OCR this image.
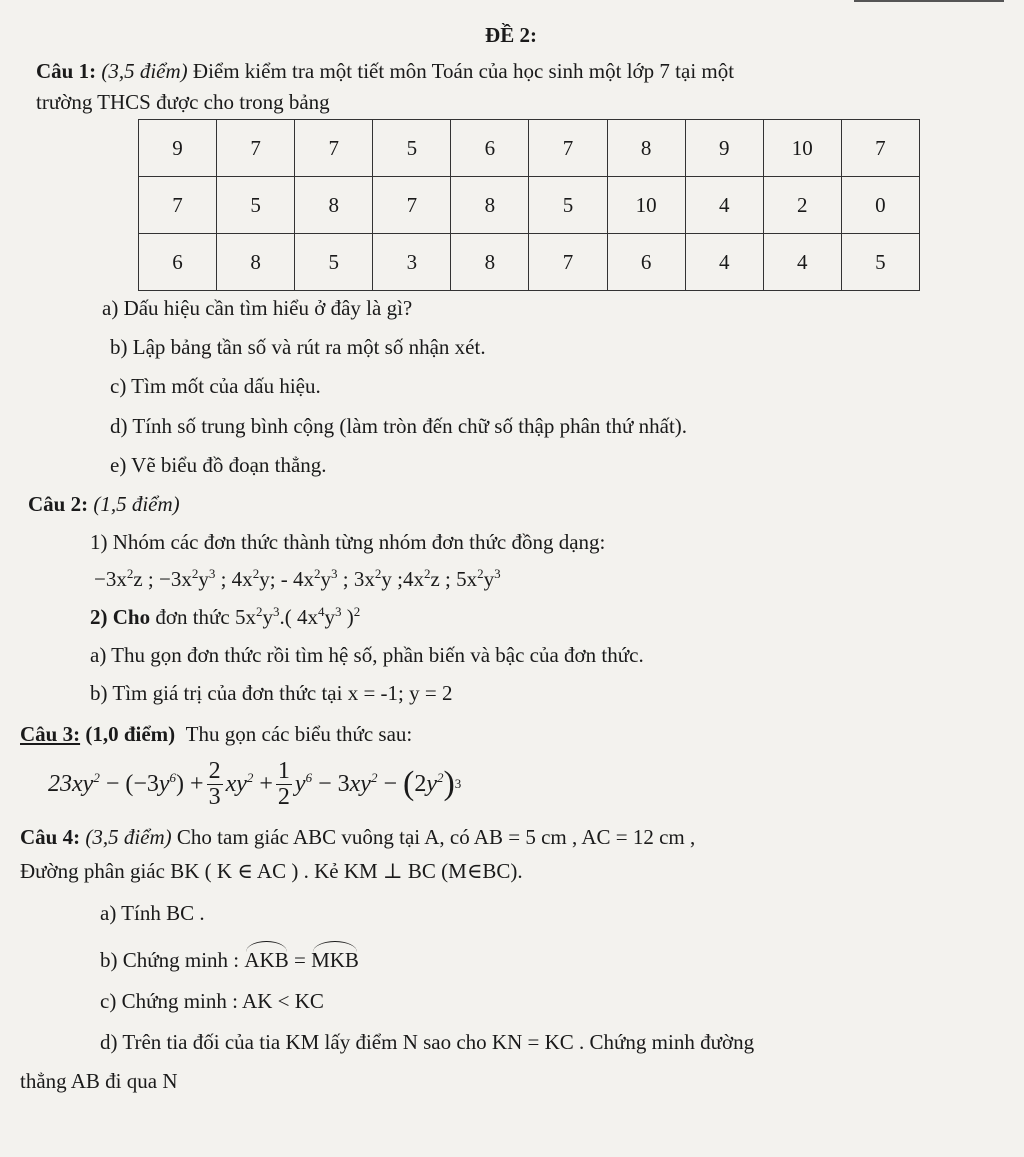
ĐỀ 2:
Câu 1: (3,5 điểm) Điểm kiểm tra một tiết môn Toán của học sinh một lớp 7 tại một
trường THCS được cho trong bảng
9	7	7	5	6	7	8	9	10	7
7	5	8	7	8	5	10	4	2	0
6	8	5	3	8	7	6	4	4	5
a) Dấu hiệu cần tìm hiểu ở đây là gì?
b) Lập bảng tần số và rút ra một số nhận xét.
c) Tìm mốt của dấu hiệu.
d) Tính số trung bình cộng (làm tròn đến chữ số thập phân thứ nhất).
e) Vẽ biểu đồ đoạn thẳng.
Câu 2: (1,5 điểm)
1) Nhóm các đơn thức thành từng nhóm đơn thức đồng dạng:
$-3x^2z$ ; $-3x^2y^3$ ; $4x^2y$; - $4x^2y^3$ ; $3x^2y$ $;4x^2z$ ; $5x^2y^3$
2) Cho đơn thức $5x^2y^3$.( $4x^4y^3$ )$^2$
a) Thu gọn đơn thức rồi tìm hệ số, phần biến và bậc của đơn thức.
b) Tìm giá trị của đơn thức tại x = -1; y = 2
Câu 3: (1,0 điểm) Thu gọn các biểu thức sau:
$23xy^2 - (-3$ $y^6$ ) + $\frac{2}{3} xy^2 + \frac{1}{2} y^6 - 3$ $xy^2$ − ( 2 $y^2$ ) 3
Câu 4: (3,5 điểm) Cho tam giác ABC vuông tại A, có AB = 5 cm , AC = 12 cm ,
Đường phân giác BK ( K ∈ AC ) . Kẻ KM ⊥ BC (M∈BC).
a) Tính BC .
b) Chứng minh : AKB = MKB
c) Chứng minh : AK < KC
d) Trên tia đối của tia KM lấy điểm N sao cho KN = KC . Chứng minh đường
thẳng AB đi qua N
